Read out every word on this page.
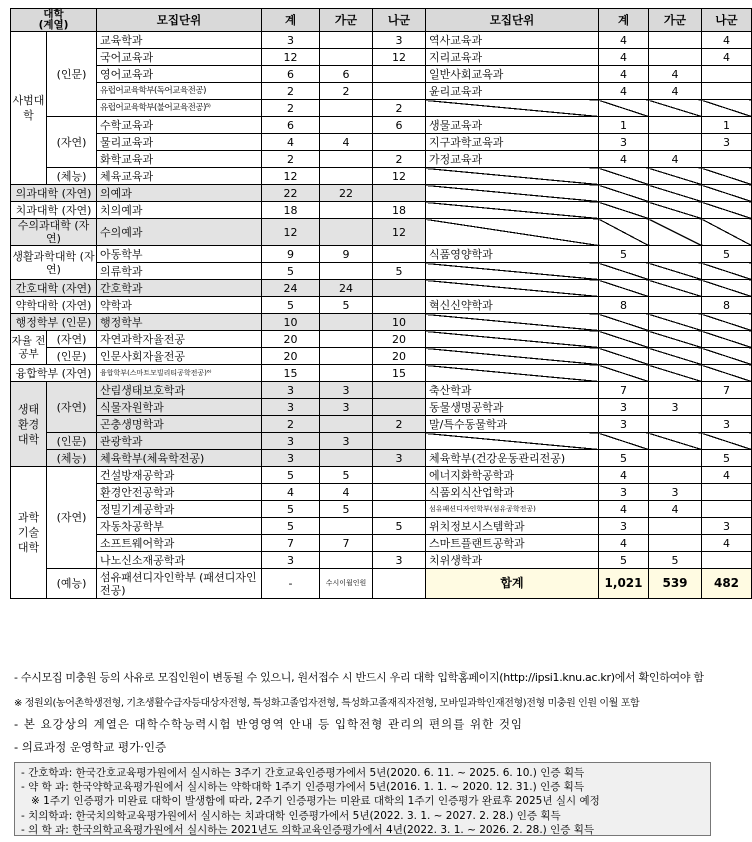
대학
(계열)		모집단위	계	가군	나군	모집단위	계	가군	나군
사범대학	(인문)	교육학과	3		3	역사교육과	4		4
		국어교육과	12		12	지리교육과	4		4
		영어교육과	6	6		일반사회교육과	4	4	
		유럽어교육학부(독어교육전공)	2	2		윤리교육과	4	4	
		유럽어교육학부(불어교육전공)⁵⁾	2		2				
	(자연)	수학교육과	6		6	생물교육과	1		1
		물리교육과	4	4		지구과학교육과	3		3
		화학교육과	2		2	가정교육과	4	4	
	(체능)	체육교육과	12		12				
의과대학 (자연)		의예과	22	22					
치과대학 (자연)		치의예과	18		18				
수의과대학 (자연)		수의예과	12		12				
생활과학대학 (자연)		아동학부	9	9		식품영양학과	5		5
		의류학과	5		5				
간호대학 (자연)		간호학과	24	24					
약학대학 (자연)		약학과	5	5		혁신신약학과	8		8
행정학부 (인문)		행정학부	10		10				
자율 전공부	(자연)	자연과학자율전공	20		20				
	(인문)	인문사회자율전공	20		20				
융합학부 (자연)		융합학부(스마트모빌리티공학전공)⁶⁾	15		15				
생태
환경
대학	(자연)	산림생태보호학과	3	3		축산학과	7		7
		식물자원학과	3	3		동물생명공학과	3	3	
		곤충생명학과	2		2	말/특수동물학과	3		3
	(인문)	관광학과	3	3					
	(체능)	체육학부(체육학전공)	3		3	체육학부(건강운동관리전공)	5		5
과학
기술
대학	(자연)	건설방재공학과	5	5		에너지화학공학과	4		4
		환경안전공학과	4	4		식품외식산업학과	3	3	
		정밀기계공학과	5	5		섬유패션디자인학부(섬유공학전공)	4	4	
		자동차공학부	5		5	위치정보시스템학과	3		3
		소프트웨어학과	7	7		스마트플랜트공학과	4		4
		나노신소재공학과	3		3	치위생학과	5	5	
	(예능)	섬유패션디자인학부 (패션디자인전공)	-	수시이월인원		합계	1,021	539	482
- 수시모집 미충원 등의 사유로 모집인원이 변동될 수 있으니, 원서접수 시 반드시 우리 대학 입학홈페이지(http://ipsi1.knu.ac.kr)에서 확인하여야 함
※ 정원외(농어촌학생전형, 기초생활수급자등대상자전형, 특성화고졸업자전형, 특성화고졸재직자전형, 모바일과학인재전형)전형 미충원 인원 이월 포함
- 본 요강상의 계열은 대학수학능력시험 반영영역 안내 등 입학전형 관리의 편의를 위한 것임
- 의료과정 운영학교 평가·인증
- 간호학과: 한국간호교육평가원에서 실시하는 3주기 간호교육인증평가에서 5년(2020. 6. 11. ~ 2025. 6. 10.) 인증 획득
- 약 학 과: 한국약학교육평가원에서 실시하는 약학대학 1주기 인증평가에서 5년(2016. 1. 1. ~ 2020. 12. 31.) 인증 획득
※ 1주기 인증평가 미완료 대학이 발생함에 따라, 2주기 인증평가는 미완료 대학의 1주기 인증평가 완료후 2025년 실시 예정
- 치의학과: 한국치의학교육평가원에서 실시하는 치과대학 인증평가에서 5년(2022. 3. 1. ~ 2027. 2. 28.) 인증 획득
- 의 학 과: 한국의학교육평가원에서 실시하는 2021년도 의학교육인증평가에서 4년(2022. 3. 1. ~ 2026. 2. 28.) 인증 획득
